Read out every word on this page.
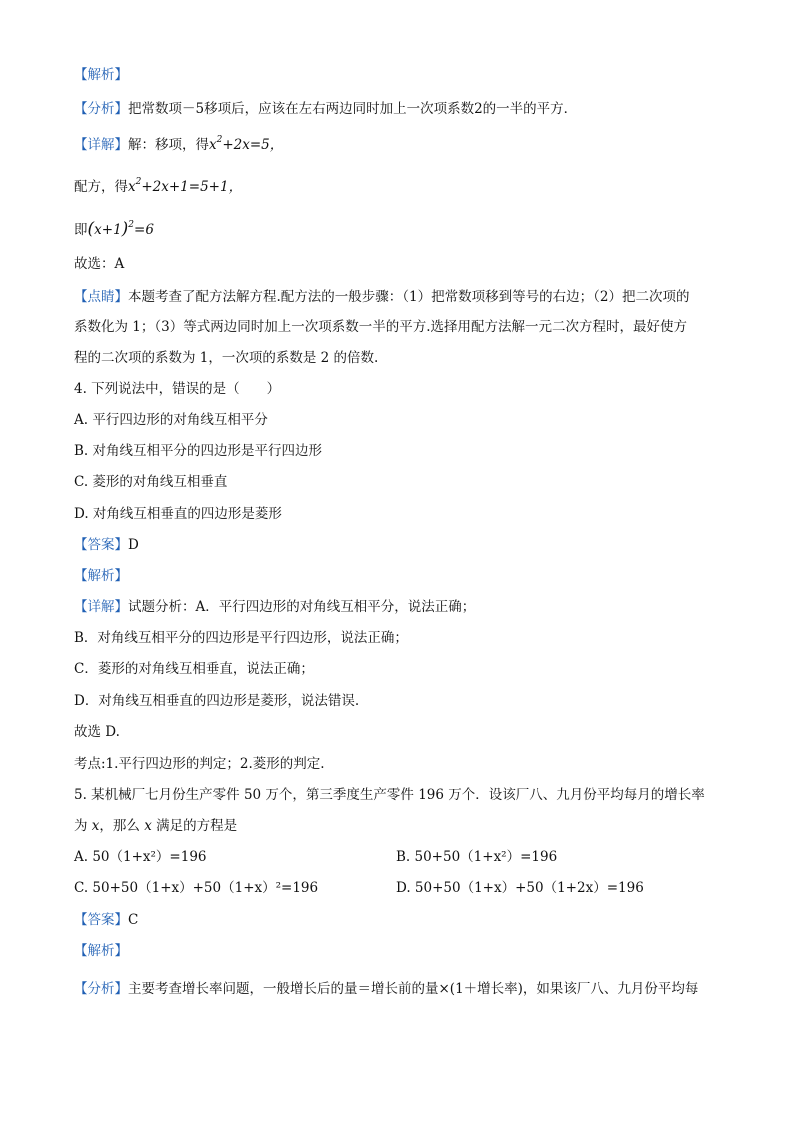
【解析】
【分析】把常数项－5移项后，应该在左右两边同时加上一次项系数2的一半的平方．
【详解】解：移项，得$x^2+2x=5$，
配方，得$x^2+2x+1=5+1$，
即$(x+1)^2=6$
故选：A
【点睛】本题考查了配方法解方程.配方法的一般步骤：（1）把常数项移到等号的右边；（2）把二次项的
系数化为 1；（3）等式两边同时加上一次项系数一半的平方.选择用配方法解一元二次方程时，最好使方
程的二次项的系数为 1，一次项的系数是 2 的倍数.
4. 下列说法中，错误的是（　　）
A. 平行四边形的对角线互相平分
B. 对角线互相平分的四边形是平行四边形
C. 菱形的对角线互相垂直
D. 对角线互相垂直的四边形是菱形
【答案】D
【解析】
【详解】试题分析：A．平行四边形的对角线互相平分，说法正确；
B．对角线互相平分的四边形是平行四边形，说法正确；
C．菱形的对角线互相垂直，说法正确；
D．对角线互相垂直的四边形是菱形，说法错误.
故选 D.
考点:1.平行四边形的判定；2.菱形的判定.
5. 某机械厂七月份生产零件 50 万个，第三季度生产零件 196 万个．设该厂八、九月份平均每月的增长率
为 x，那么 x 满足的方程是
A. 50（1+x²）=196	B. 50+50（1+x²）=196
C. 50+50（1+x）+50（1+x）²=196	D. 50+50（1+x）+50（1+2x）=196
【答案】C
【解析】
【分析】主要考查增长率问题，一般增长后的量＝增长前的量×(1＋增长率)，如果该厂八、九月份平均每
